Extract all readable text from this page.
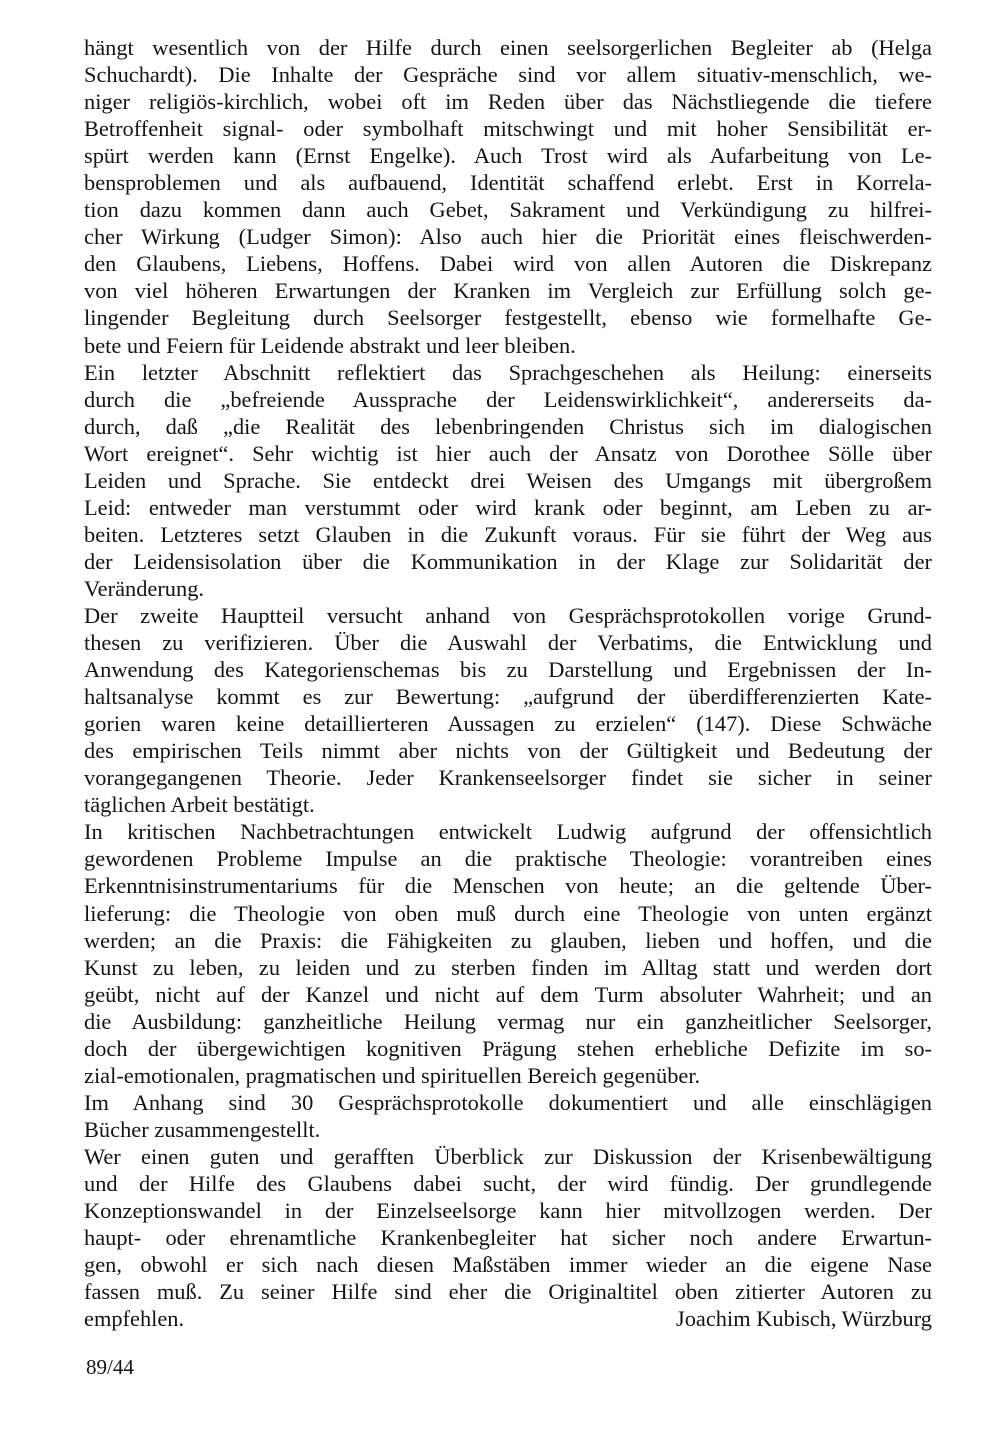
hängt wesentlich von der Hilfe durch einen seelsorgerlichen Begleiter ab (Helga
Schuchardt). Die Inhalte der Gespräche sind vor allem situativ-menschlich, we-
niger religiös-kirchlich, wobei oft im Reden über das Nächstliegende die tiefere
Betroffenheit signal- oder symbolhaft mitschwingt und mit hoher Sensibilität er-
spürt werden kann (Ernst Engelke). Auch Trost wird als Aufarbeitung von Le-
bensproblemen und als aufbauend, Identität schaffend erlebt. Erst in Korrela-
tion dazu kommen dann auch Gebet, Sakrament und Verkündigung zu hilfrei-
cher Wirkung (Ludger Simon): Also auch hier die Priorität eines fleischwerden-
den Glaubens, Liebens, Hoffens. Dabei wird von allen Autoren die Diskrepanz
von viel höheren Erwartungen der Kranken im Vergleich zur Erfüllung solch ge-
lingender Begleitung durch Seelsorger festgestellt, ebenso wie formelhafte Ge-
bete und Feiern für Leidende abstrakt und leer bleiben.
Ein letzter Abschnitt reflektiert das Sprachgeschehen als Heilung: einerseits
durch die „befreiende Aussprache der Leidenswirklichkeit“, andererseits da-
durch, daß „die Realität des lebenbringenden Christus sich im dialogischen
Wort ereignet“. Sehr wichtig ist hier auch der Ansatz von Dorothee Sölle über
Leiden und Sprache. Sie entdeckt drei Weisen des Umgangs mit übergroßem
Leid: entweder man verstummt oder wird krank oder beginnt, am Leben zu ar-
beiten. Letzteres setzt Glauben in die Zukunft voraus. Für sie führt der Weg aus
der Leidensisolation über die Kommunikation in der Klage zur Solidarität der
Veränderung.
Der zweite Hauptteil versucht anhand von Gesprächsprotokollen vorige Grund-
thesen zu verifizieren. Über die Auswahl der Verbatims, die Entwicklung und
Anwendung des Kategorienschemas bis zu Darstellung und Ergebnissen der In-
haltsanalyse kommt es zur Bewertung: „aufgrund der überdifferenzierten Kate-
gorien waren keine detaillierteren Aussagen zu erzielen“ (147). Diese Schwäche
des empirischen Teils nimmt aber nichts von der Gültigkeit und Bedeutung der
vorangegangenen Theorie. Jeder Krankenseelsorger findet sie sicher in seiner
täglichen Arbeit bestätigt.
In kritischen Nachbetrachtungen entwickelt Ludwig aufgrund der offensichtlich
gewordenen Probleme Impulse an die praktische Theologie: vorantreiben eines
Erkenntnisinstrumentariums für die Menschen von heute; an die geltende Über-
lieferung: die Theologie von oben muß durch eine Theologie von unten ergänzt
werden; an die Praxis: die Fähigkeiten zu glauben, lieben und hoffen, und die
Kunst zu leben, zu leiden und zu sterben finden im Alltag statt und werden dort
geübt, nicht auf der Kanzel und nicht auf dem Turm absoluter Wahrheit; und an
die Ausbildung: ganzheitliche Heilung vermag nur ein ganzheitlicher Seelsorger,
doch der übergewichtigen kognitiven Prägung stehen erhebliche Defizite im so-
zial-emotionalen, pragmatischen und spirituellen Bereich gegenüber.
Im Anhang sind 30 Gesprächsprotokolle dokumentiert und alle einschlägigen
Bücher zusammengestellt.
Wer einen guten und gerafften Überblick zur Diskussion der Krisenbewältigung
und der Hilfe des Glaubens dabei sucht, der wird fündig. Der grundlegende
Konzeptionswandel in der Einzelseelsorge kann hier mitvollzogen werden. Der
haupt- oder ehrenamtliche Krankenbegleiter hat sicher noch andere Erwartun-
gen, obwohl er sich nach diesen Maßstäben immer wieder an die eigene Nase
fassen muß. Zu seiner Hilfe sind eher die Originaltitel oben zitierter Autoren zu
empfehlen.	Joachim Kubisch, Würzburg
89/44
